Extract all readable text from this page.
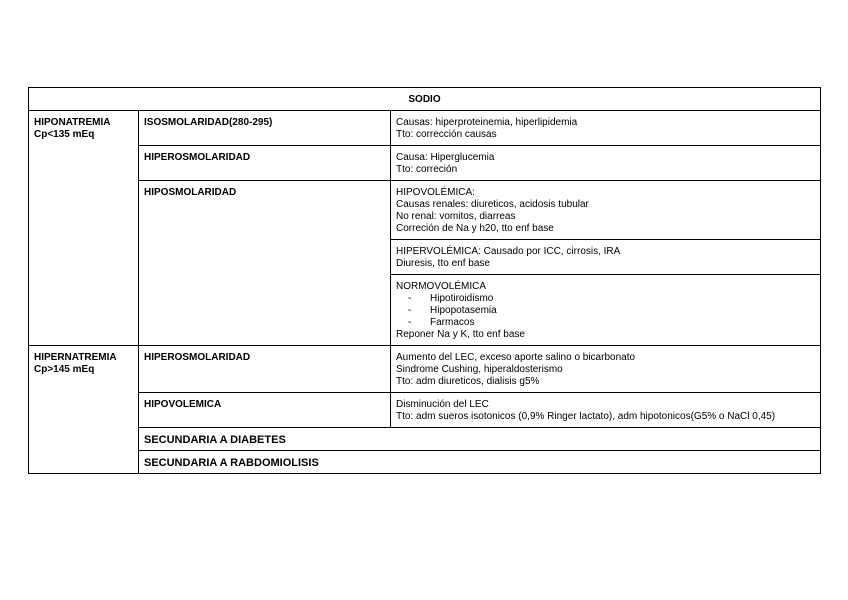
SODIO		

HIPONATREMIA
Cp<135 mEq	ISOSMOLARIDAD(280-295)	Causas: hiperproteinemia, hiperlipidemia
Tto: corrección causas

	HIPEROSMOLARIDAD	Causa: Hiperglucemia
Tto: correción

	HIPOSMOLARIDAD	HIPOVOLÉMICA:
Causas renales: diureticos, acidosis tubular
No renal: vomitos, diarreas
Correción de Na y h20, tto enf base

		HIPERVOLÉMICA: Causado por ICC, cirrosis, IRA
Diuresis, tto enf base

		NORMOVOLÉMICA
- Hipotiroidismo
- Hipopotasemia
- Farmacos
Reponer Na y K, tto enf base

HIPERNATREMIA
Cp>145 mEq	HIPEROSMOLARIDAD	Aumento del LEC, exceso aporte salino o bicarbonato
Sindrome Cushing, hiperaldosterismo
Tto: adm diureticos, dialisis g5%

	HIPOVOLEMICA	Disminución del LEC
Tto: adm sueros isotonicos (0,9% Ringer lactato), adm hipotonicos(G5% o NaCl 0,45)

	SECUNDARIA A DIABETES	
	SECUNDARIA A RABDOMIOLISIS	
